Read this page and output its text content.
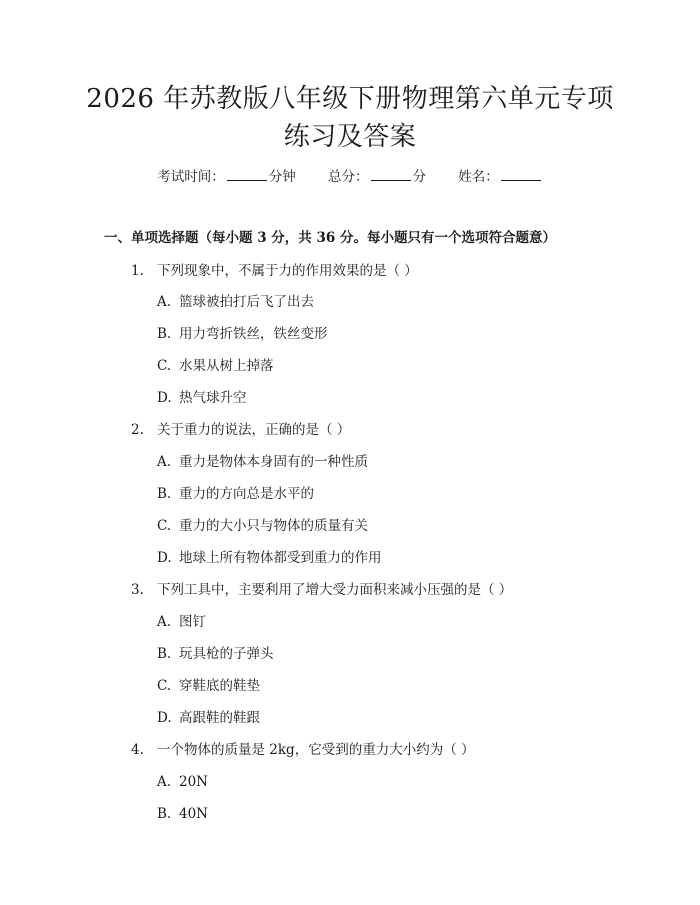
2026 年苏教版八年级下册物理第六单元专项
练习及答案
考试时间：	分钟 总分：	分 姓名：
一、单项选择题（每小题 3 分，共 36 分。每小题只有一个选项符合题意）
1. 下列现象中，不属于力的作用效果的是（ ）
A. 篮球被拍打后飞了出去
B. 用力弯折铁丝，铁丝变形
C. 水果从树上掉落
D. 热气球升空
2. 关于重力的说法，正确的是（ ）
A. 重力是物体本身固有的一种性质
B. 重力的方向总是水平的
C. 重力的大小只与物体的质量有关
D. 地球上所有物体都受到重力的作用
3. 下列工具中，主要利用了增大受力面积来减小压强的是（ ）
A. 图钉
B. 玩具枪的子弹头
C. 穿鞋底的鞋垫
D. 高跟鞋的鞋跟
4. 一个物体的质量是 2kg，它受到的重力大小约为（ ）
A. 20N
B. 40N
